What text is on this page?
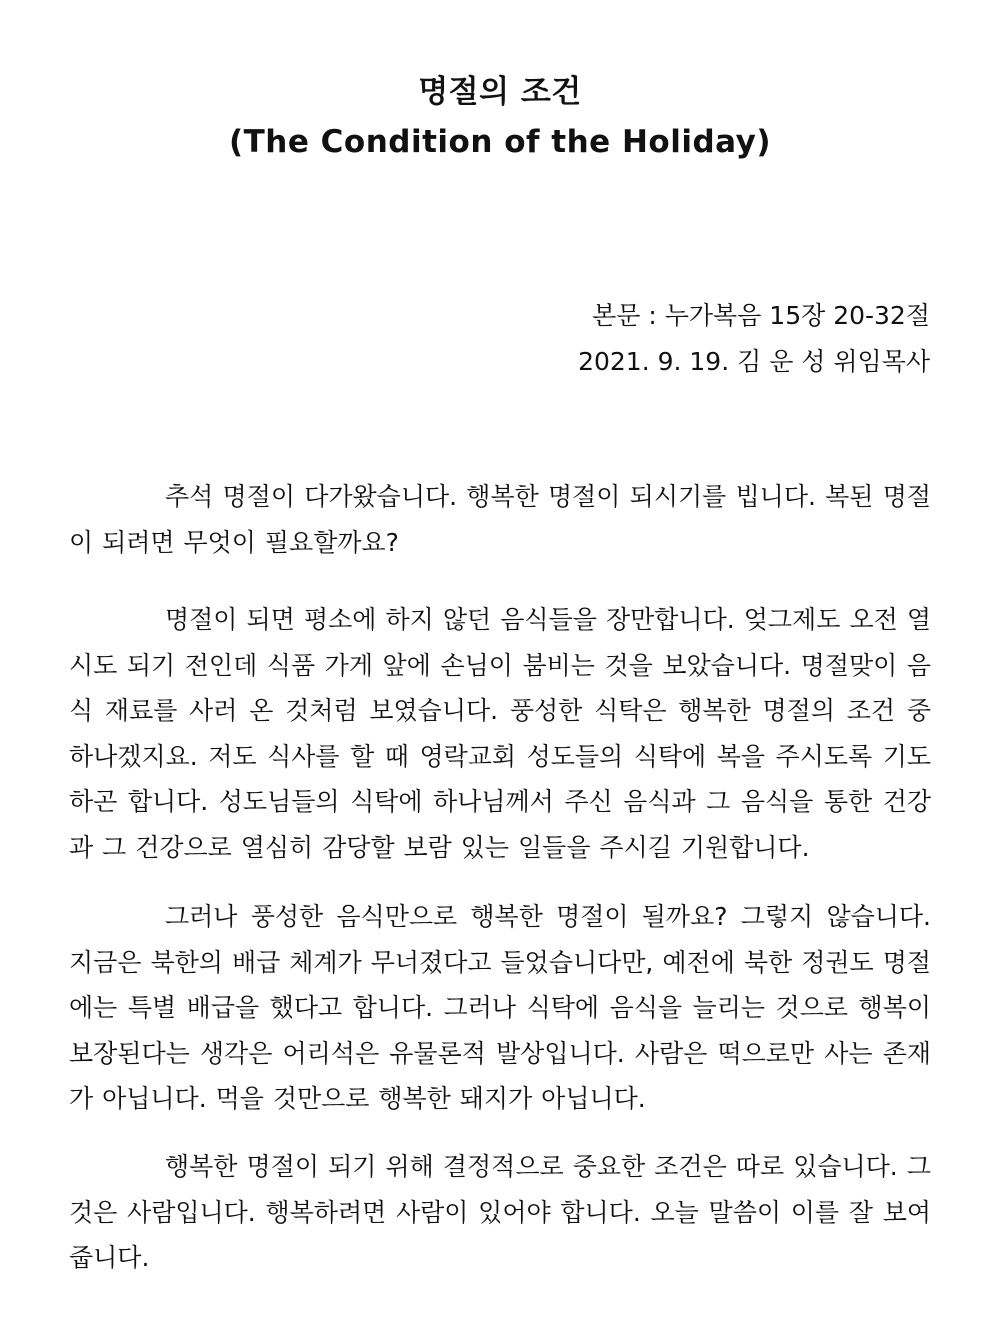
명절의 조건
(The Condition of the Holiday)
본문 : 누가복음 15장 20-32절
2021. 9. 19. 김 운 성 위임목사

추석 명절이 다가왔습니다. 행복한 명절이 되시기를 빕니다. 복된 명절이 되려면 무엇이 필요할까요?

명절이 되면 평소에 하지 않던 음식들을 장만합니다. 엊그제도 오전 열 시도 되기 전인데 식품 가게 앞에 손님이 붐비는 것을 보았습니다. 명절맞이 음식 재료를 사러 온 것처럼 보였습니다. 풍성한 식탁은 행복한 명절의 조건 중 하나겠지요. 저도 식사를 할 때 영락교회 성도들의 식탁에 복을 주시도록 기도하곤 합니다. 성도님들의 식탁에 하나님께서 주신 음식과 그 음식을 통한 건강과 그 건강으로 열심히 감당할 보람 있는 일들을 주시길 기원합니다.

그러나 풍성한 음식만으로 행복한 명절이 될까요? 그렇지 않습니다. 지금은 북한의 배급 체계가 무너졌다고 들었습니다만, 예전에 북한 정권도 명절에는 특별 배급을 했다고 합니다. 그러나 식탁에 음식을 늘리는 것으로 행복이 보장된다는 생각은 어리석은 유물론적 발상입니다. 사람은 떡으로만 사는 존재가 아닙니다. 먹을 것만으로 행복한 돼지가 아닙니다.

행복한 명절이 되기 위해 결정적으로 중요한 조건은 따로 있습니다. 그것은 사람입니다. 행복하려면 사람이 있어야 합니다. 오늘 말씀이 이를 잘 보여줍니다.
